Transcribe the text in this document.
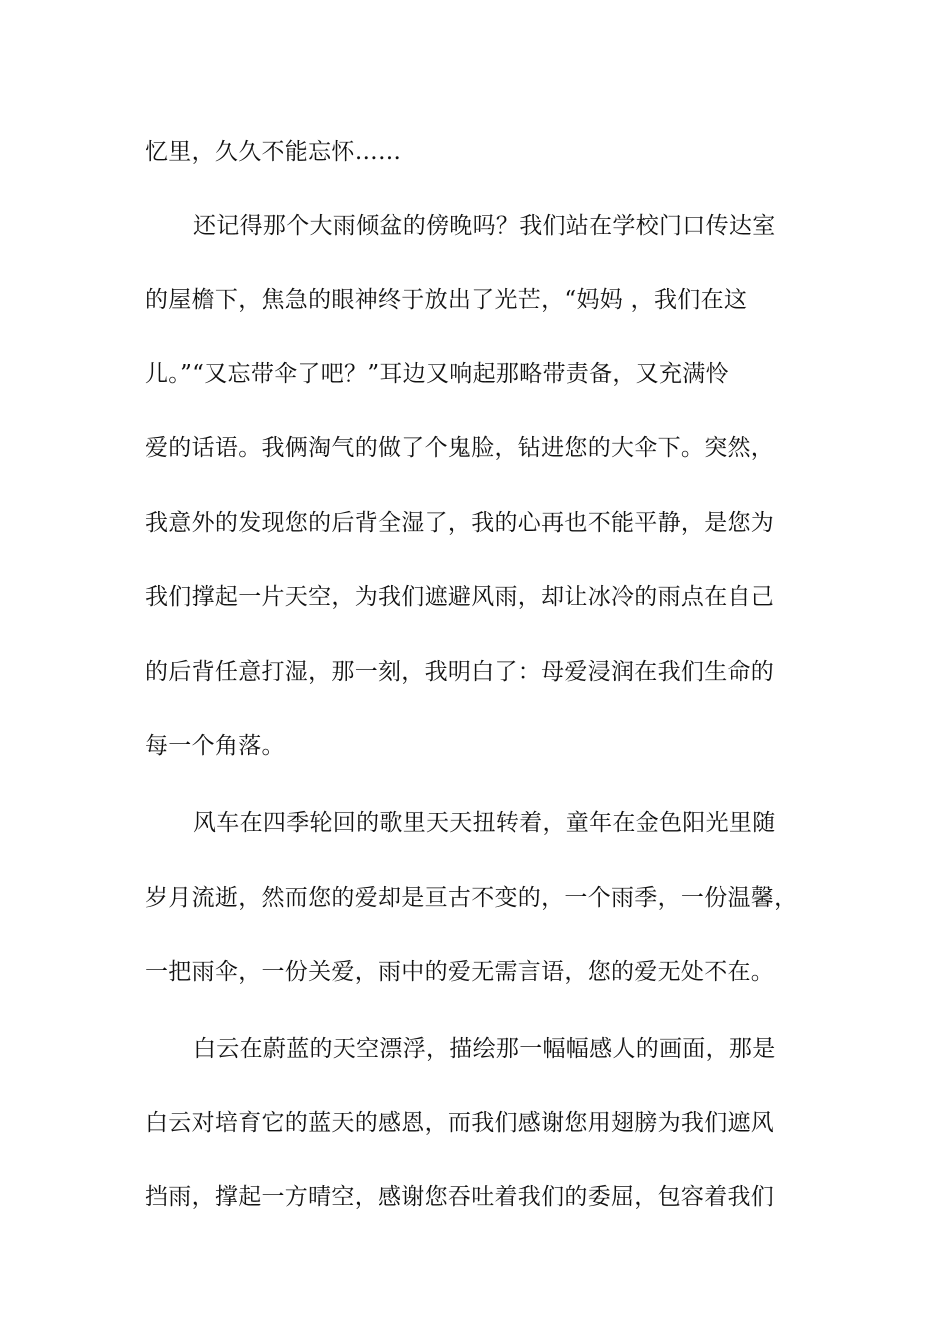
忆里，久久不能忘怀……

还记得那个大雨倾盆的傍晚吗？我们站在学校门口传达室

的屋檐下，焦急的眼神终于放出了光芒，“妈妈 ，我们在这

儿。”“又忘带伞了吧？”耳边又响起那略带责备，又充满怜

爱的话语。我俩淘气的做了个鬼脸，钻进您的大伞下。突然，

我意外的发现您的后背全湿了，我的心再也不能平静，是您为

我们撑起一片天空，为我们遮避风雨，却让冰冷的雨点在自己

的后背任意打湿，那一刻，我明白了：母爱浸润在我们生命的

每一个角落。

风车在四季轮回的歌里天天扭转着，童年在金色阳光里随

岁月流逝，然而您的爱却是亘古不变的，一个雨季，一份温馨，

一把雨伞，一份关爱，雨中的爱无需言语，您的爱无处不在。

白云在蔚蓝的天空漂浮，描绘那一幅幅感人的画面，那是

白云对培育它的蓝天的感恩，而我们感谢您用翅膀为我们遮风

挡雨，撑起一方晴空，感谢您吞吐着我们的委屈，包容着我们
